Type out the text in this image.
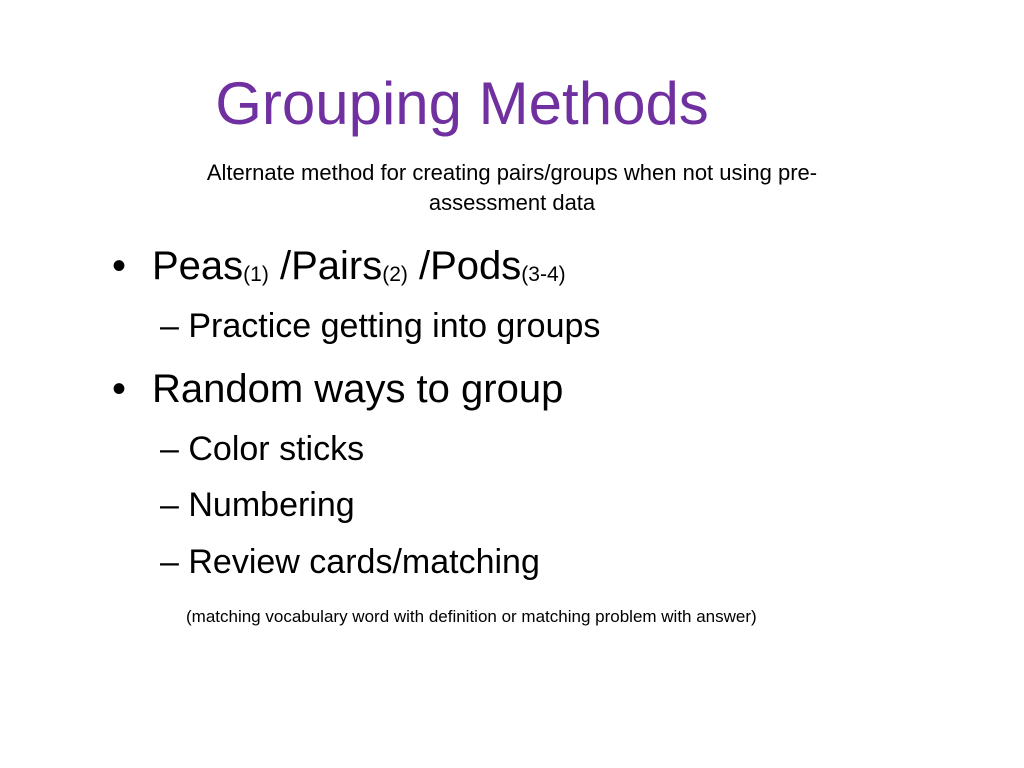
Grouping Methods
Alternate method for creating pairs/groups when not using pre-
assessment data
• Peas(1) /Pairs(2) /Pods(3-4)
– Practice getting into groups
• Random ways to group
– Color sticks
– Numbering
– Review cards/matching
(matching vocabulary word with definition or matching problem with answer)
